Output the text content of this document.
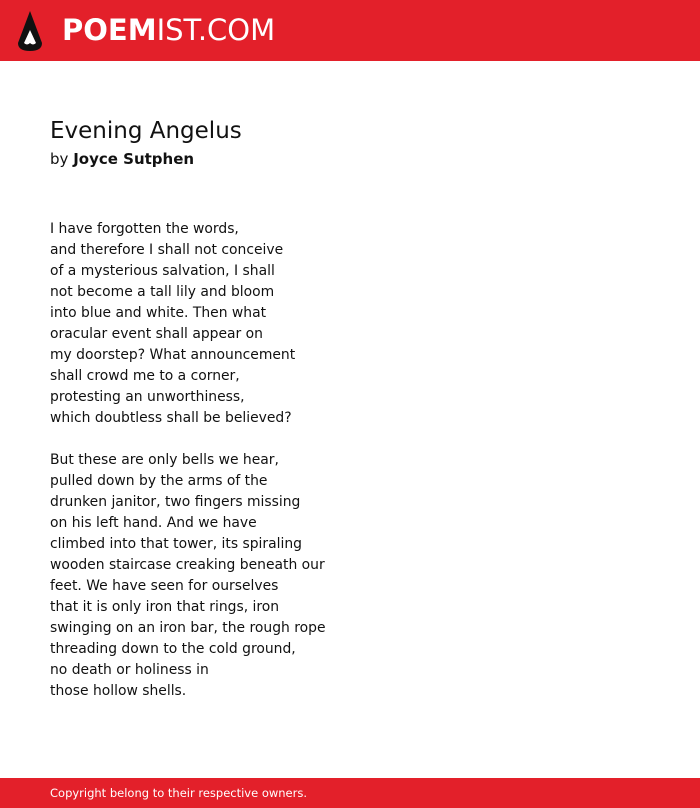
POEMIST.COM
Evening Angelus
by Joyce Sutphen
I have forgotten the words,
and therefore I shall not conceive
of a mysterious salvation, I shall
not become a tall lily and bloom
into blue and white. Then what
oracular event shall appear on
my doorstep? What announcement
shall crowd me to a corner,
protesting an unworthiness,
which doubtless shall be believed?
But these are only bells we hear,
pulled down by the arms of the
drunken janitor, two fingers missing
on his left hand. And we have
climbed into that tower, its spiraling
wooden staircase creaking beneath our
feet. We have seen for ourselves
that it is only iron that rings, iron
swinging on an iron bar, the rough rope
threading down to the cold ground,
no death or holiness in
those hollow shells.
Copyright belong to their respective owners.
